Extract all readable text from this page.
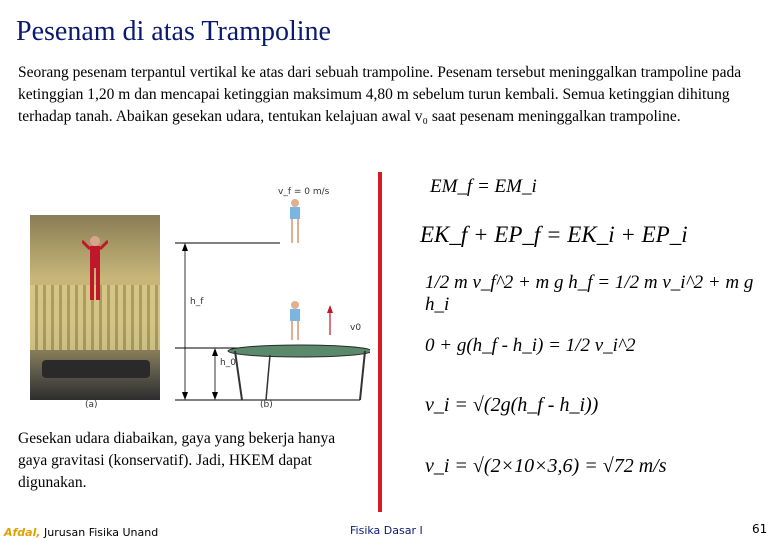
Pesenam di atas Trampoline
Seorang pesenam terpantul vertikal ke atas dari sebuah trampoline. Pesenam tersebut meninggalkan trampoline pada ketinggian 1,20 m dan mencapai ketinggian maksimum 4,80 m sebelum turun kembali. Semua ketinggian dihitung terhadap tanah. Abaikan gesekan udara, tentukan kelajuan awal v₀ saat pesenam meninggalkan trampoline.
(a)
v_f = 0 m/s
v0
h_f
h_0
(b)
EM_f = EM_i
EK_f + EP_f = EK_i + EP_i
1/2 m v_f^2 + m g h_f = 1/2 m v_i^2 + m g h_i
0 + g(h_f - h_i) = 1/2 v_i^2
v_i = √(2g(h_f - h_i))
v_i = √(2×10×3,6) = √72 m/s
Gesekan udara diabaikan, gaya yang bekerja hanya gaya gravitasi (konservatif). Jadi, HKEM dapat digunakan.
Afdal, Jurusan Fisika Unand	Fisika Dasar I	61
